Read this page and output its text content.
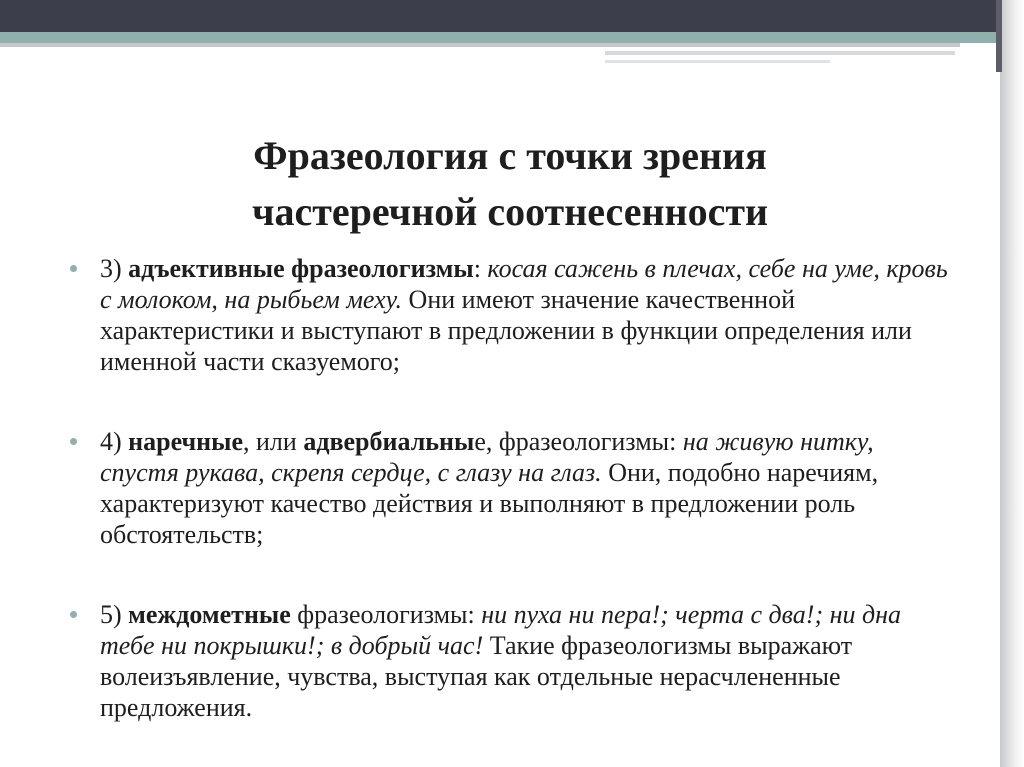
Фразеология с точки зрения
частеречной соотнесенности
3) адъективные фразеологизмы: косая сажень в плечах, себе на уме, кровь с молоком, на рыбьем меху. Они имеют значение качественной характеристики и выступают в предложении в функции определения или именной части сказуемого;
4) наречные, или адвербиальные, фразеологизмы: на живую нитку, спустя рукава, скрепя сердце, с глазу на глаз. Они, подобно наречиям, характеризуют качество действия и выполняют в предложении роль обстоятельств;
5) междометные фразеологизмы: ни пуха ни пера!; черта с два!; ни дна тебе ни покрышки!; в добрый час! Такие фразеологизмы выражают волеизъявление, чувства, выступая как отдельные нерасчлененные предложения.
